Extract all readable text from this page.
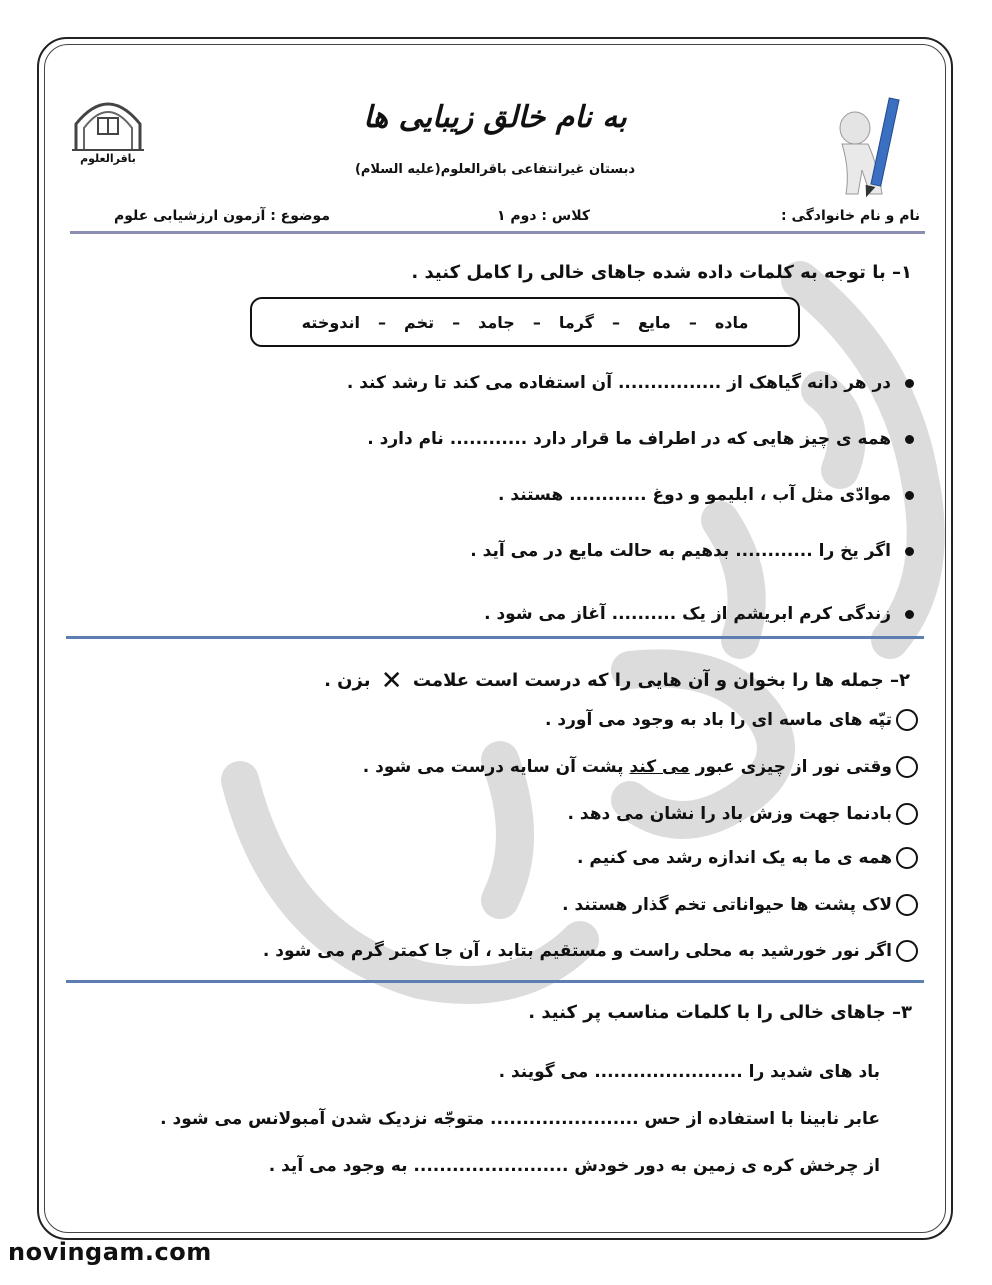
باقرالعلوم
به نام خالق زیبایی ها
دبستان غیرانتفاعی باقرالعلوم(علیه السلام)
نام و نام خانوادگی :
کلاس : دوم ۱
موضوع : آزمون ارزشیابی علوم
۱– با توجه به کلمات داده شده جاهای خالی را کامل کنید .
ماده
–
مایع
–
گرما
–
جامد
–
تخم
–
اندوخته
در هر دانه گیاهک از ................ آن استفاده می کند تا رشد کند .
همه ی چیز هایی که در اطراف ما قرار دارد ............ نام دارد .
موادّی مثل آب ، ابلیمو و دوغ ............ هستند .
اگر یخ را ............ بدهیم به حالت مایع در می آید .
زندگی کرم ابریشم از یک .......... آغاز می شود .
۲– جمله ها را بخوان و آن هایی را که درست است علامت ✕ بزن .
تپّه های ماسه ای را باد به وجود می آورد .
وقتی نور از چیزی عبور می کند پشت آن سایه درست می شود .
بادنما جهت وزش باد را نشان می دهد .
همه ی ما به یک اندازه رشد می کنیم .
لاک پشت ها حیواناتی تخم گذار هستند .
اگر نور خورشید به محلی راست و مستقیم بتابد ، آن جا کمتر گرم می شود .
۳– جاهای خالی را با کلمات مناسب پر کنید .
باد های شدید را ....................... می گویند .
عابر نابینا با استفاده از حس ....................... متوجّه نزدیک شدن آمبولانس می شود .
از چرخش کره ی زمین به دور خودش ........................ به وجود می آید .
novingam.com
